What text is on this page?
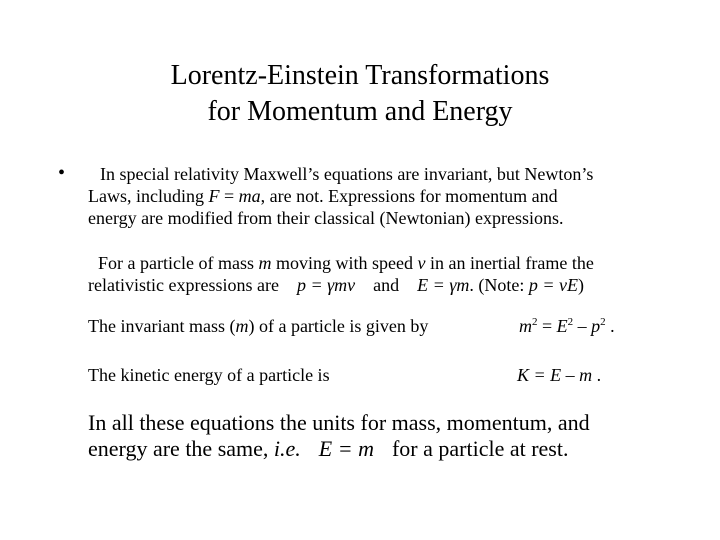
Lorentz-Einstein Transformations
for Momentum and Energy
•	In special relativity Maxwell’s equations are invariant, but Newton’s
Laws, including F = ma, are not. Expressions for momentum and
energy are modified from their classical (Newtonian) expressions.
For a particle of mass m moving with speed v in an inertial frame the
relativistic expressions are p = γmv and E = γm. (Note: p = vE)
The invariant mass (m) of a particle is given by	$m^2 = E^2 - p^2$ .
The kinetic energy of a particle is	K = E – m .
In all these equations the units for mass, momentum, and
energy are the same, i.e. E = m for a particle at rest.
